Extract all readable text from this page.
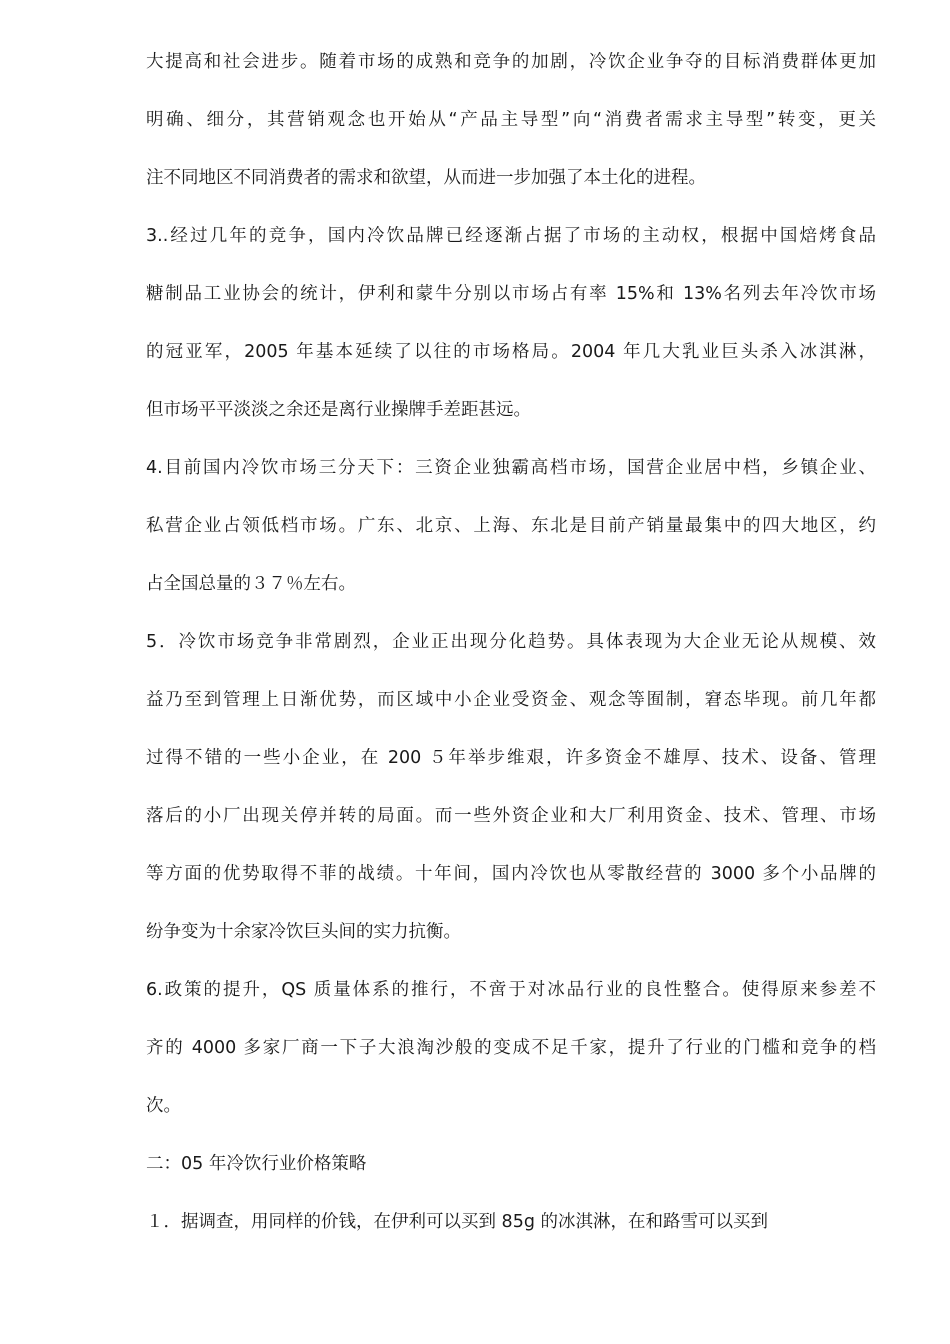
大提高和社会进步。随着市场的成熟和竞争的加剧，冷饮企业争夺的目标消费群体更加
明确、细分，其营销观念也开始从“产品主导型”向“消费者需求主导型”转变，更关
注不同地区不同消费者的需求和欲望，从而进一步加强了本土化的进程。
3..经过几年的竞争，国内冷饮品牌已经逐渐占据了市场的主动权，根据中国焙烤食品
糖制品工业协会的统计，伊利和蒙牛分别以市场占有率 15%和 13%名列去年冷饮市场
的冠亚军，2005 年基本延续了以往的市场格局。2004 年几大乳业巨头杀入冰淇淋，
但市场平平淡淡之余还是离行业操牌手差距甚远。
4.目前国内冷饮市场三分天下：三资企业独霸高档市场，国营企业居中档，乡镇企业、
私营企业占领低档市场。广东、北京、上海、东北是目前产销量最集中的四大地区，约
占全国总量的３７％左右。
5．冷饮市场竞争非常剧烈，企业正出现分化趋势。具体表现为大企业无论从规模、效
益乃至到管理上日渐优势，而区域中小企业受资金、观念等囿制，窘态毕现。前几年都
过得不错的一些小企业，在 200 ５年举步维艰，许多资金不雄厚、技术、设备、管理
落后的小厂出现关停并转的局面。而一些外资企业和大厂利用资金、技术、管理、市场
等方面的优势取得不菲的战绩。十年间，国内冷饮也从零散经营的 3000 多个小品牌的
纷争变为十余家冷饮巨头间的实力抗衡。
6.政策的提升，QS 质量体系的推行，不啻于对冰品行业的良性整合。使得原来参差不
齐的 4000 多家厂商一下子大浪淘沙般的变成不足千家，提升了行业的门槛和竞争的档
次。
二：05 年冷饮行业价格策略
１．据调查，用同样的价钱，在伊利可以买到 85g 的冰淇淋，在和路雪可以买到
